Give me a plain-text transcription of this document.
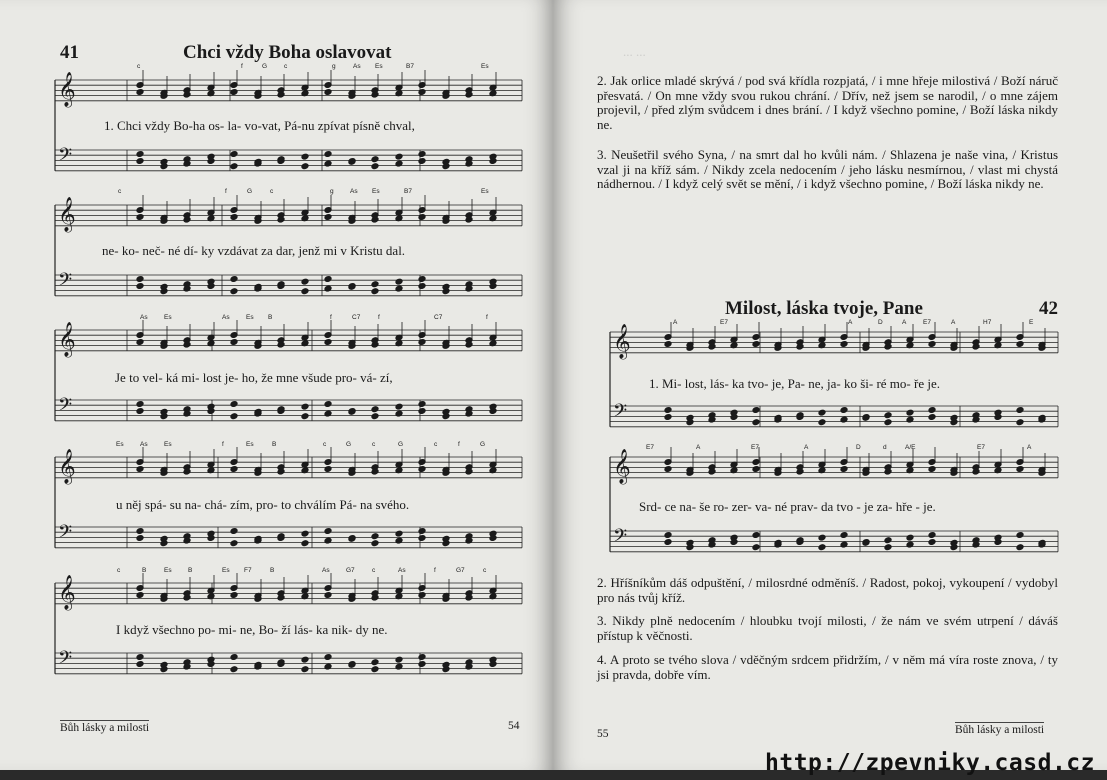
41	Chci vždy Boha oslavovat
c	f	G	c	g	As Es	B7	Es
c	f	G	c	g	As Es	B7	Es
As	Es	As	Es B	f	C7	f	C7	f
Es	As	Es	f	Es	B	c	G	c	G	c	f	G
c	B	Es	B	Es F7	B	As	G7	c	As	f	G7	c
1. Chci vždy Bo-ha os- la- vo-vat, Pá-nu zpívat písně chval,
ne- ko- neč- né dí- ky vzdávat za dar, jenž mi v Kristu dal.
Je to vel- ká mi- lost je- ho, že mne všude pro- vá- zí,
u něj spá- su na- chá- zím, pro- to chválím Pá- na svého.
I když všechno po- mi- ne, Bo- ží lás- ka nik- dy ne.
Bůh lásky a milosti	54
... ...
2. Jak orlice mladé skrývá / pod svá křídla rozpjatá, / i mne hřeje milostivá / Boží náruč přesvatá. / On mne vždy svou rukou chrání. / Dřív, než jsem se narodil, / o mne zájem projevil, / před zlým svůdcem i dnes brání. / I když všechno pomine, / Boží láska nikdy ne.
3. Neušetřil svého Syna, / na smrt dal ho kvůli nám. / Shlazena je naše vina, / Kristus vzal ji na kříž sám. / Nikdy zcela nedocením / jeho lásku nesmírnou, / vlast mi chystá nádhernou. / I když celý svět se mění, / i když všechno pomine, / Boží láska nikdy ne.
Milost, láska tvoje, Pane	42
A	E7	A	D	A	E7	A	H7	E
E7	A	E7	A	D	d	A/E	E7	A
1. Mi- lost, lás- ka tvo- je, Pa- ne, ja- ko ši- ré mo- ře je.
Srd- ce na- še ro- zer- va- né prav- da tvo - je za- hře - je.
2. Hříšníkům dáš odpuštění, / milosrdné odměníš. / Radost, pokoj, vykoupení / vydobyl pro nás tvůj kříž.
3. Nikdy plně nedocením / hloubku tvojí milosti, / že nám ve svém utrpení / dáváš přístup k věčnosti.
4. A proto se tvého slova / vděčným srdcem přidržím, / v něm má víra roste znova, / ty jsi pravda, dobře vím.
55	Bůh lásky a milosti
𝄞
𝄢
𝄞
𝄢
𝄞
𝄢
𝄞
𝄢
𝄞
𝄢
𝄞
𝄢
𝄞
𝄢
http://zpevniky.casd.cz
